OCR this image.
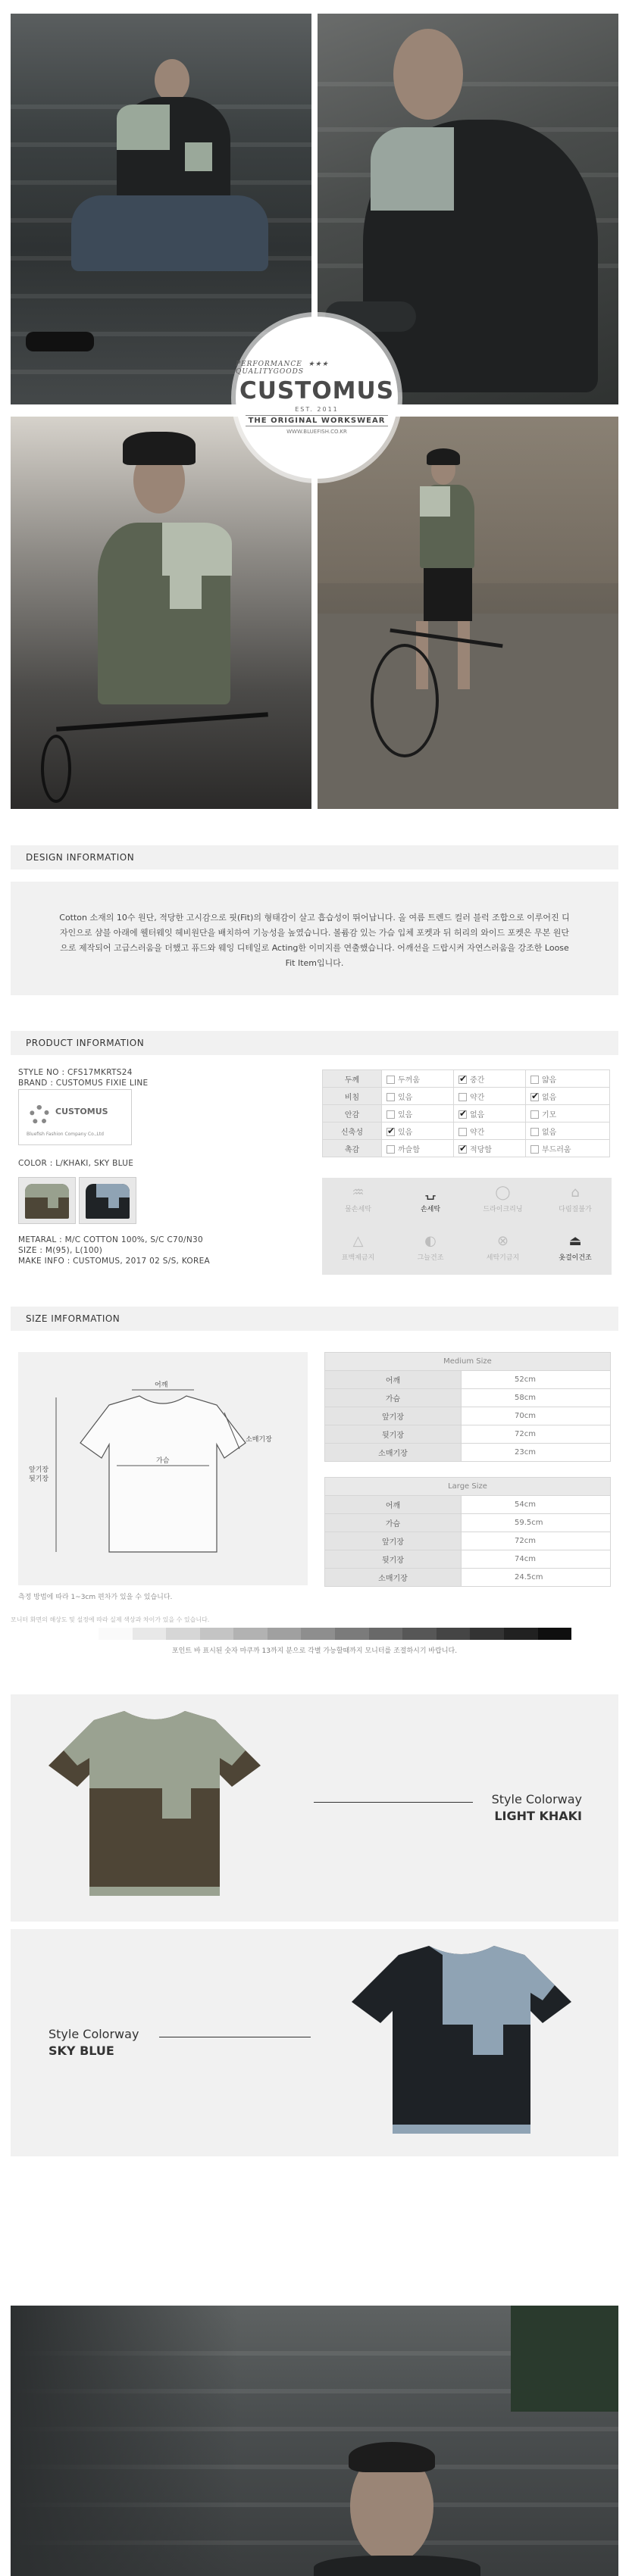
PERFORMANCE  ★★★  QUALITYGOODS
CUSTOMUS
EST. 2011
THE ORIGINAL WORKSWEAR
WWW.BLUEFISH.CO.KR
DESIGN INFORMATION

Cotton 소재의 10수 원단, 적당한 고시감으로 핏(Fit)의 형태감이 살고 흡습성이 뛰어납니다. 올 여름 트렌드 컬러 블럭 조합으로 이루어진 디자인으로 샴블 아래에 웰터웨잇 헤비원단을 배치하여 기능성을 높였습니다. 볼륨감 있는 가슴 입체 포켓과 뒤 허리의 와이드 포켓은 무본 원단으로 제작되어 고급스러움을 더했고 퓨드와 웨잉 디테일로 Acting한 이미지를 연출했습니다. 어깨선을 드랍시켜 자연스러움을 강조한 Loose Fit Item입니다.

PRODUCT INFORMATION
STYLE NO : CFS17MKRTS24
BRAND : CUSTOMUS FIXIE LINE
CUSTOMUS
Bluefish Fashion Company Co.,Ltd
COLOR : L/KHAKI, SKY BLUE
METARAL : M/C COTTON 100%, S/C C70/N30
SIZE : M(95), L(100)
MAKE INFO : CUSTOMUS, 2017 02 S/S, KOREA
두께	두꺼움	✔중간	얇음
비침	있음	약간	✔없음
안감	있음	✔없음	기모
신축성	✔있음	약간	없음
촉감	까슬함	✔적당함	부드러움
♒
물손세탁
⍽
손세탁
◯
드라이크리닝
⌂
다림질불가
△
표백제금지
◐
그늘건조
⊗
세탁기금지
⏏
옷걸이건조
SIZE IMFORMATION
어깨
가슴
소매기장
앞기장
뒷기장
Medium Size	
어깨	52cm
가슴	58cm
앞기장	70cm
뒷기장	72cm
소매기장	23cm
Large Size	
어깨	54cm
가슴	59.5cm
앞기장	72cm
뒷기장	74cm
소매기장	24.5cm
측정 방법에 따라 1~3cm 편차가 있을 수 있습니다.
모니터 화면의 해상도 및 설정에 따라 실제 색상과 차이가 있을 수 있습니다.
포인트 바 표시된 숫자 마쿠까 13까지 분으로 각별 가능할때까지 모니터를 조절하시기 바랍니다.
Style Colorway
LIGHT KHAKI
Style Colorway
SKY BLUE
